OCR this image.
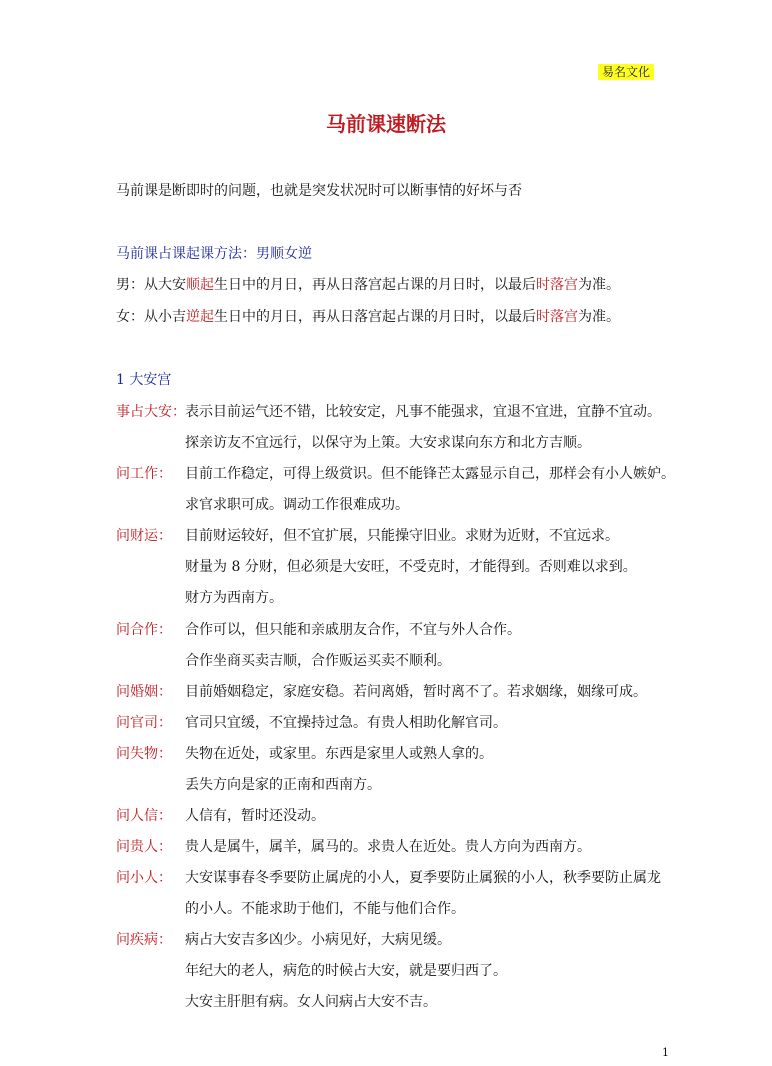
易名文化
马前课速断法
马前课是断即时的问题，也就是突发状况时可以断事情的好坏与否
马前课占课起课方法：男顺女逆
男：从大安顺起生日中的月日，再从日落宫起占课的月日时，以最后时落宫为准。
女：从小吉逆起生日中的月日，再从日落宫起占课的月日时，以最后时落宫为准。
1 大安宫
事占大安： 表示目前运气还不错，比较安定，凡事不能强求，宜退不宜进，宜静不宜动。
探亲访友不宜远行，以保守为上策。大安求谋向东方和北方吉顺。
问工作： 目前工作稳定，可得上级赏识。但不能锋芒太露显示自己，那样会有小人嫉妒。
求官求职可成。调动工作很难成功。
问财运： 目前财运较好，但不宜扩展，只能操守旧业。求财为近财，不宜远求。
财量为 8 分财，但必须是大安旺，不受克时，才能得到。否则难以求到。
财方为西南方。
问合作： 合作可以，但只能和亲戚朋友合作，不宜与外人合作。
合作坐商买卖吉顺，合作贩运买卖不顺利。
问婚姻： 目前婚姻稳定，家庭安稳。若问离婚，暂时离不了。若求姻缘，姻缘可成。
问官司： 官司只宜缓，不宜操持过急。有贵人相助化解官司。
问失物： 失物在近处，或家里。东西是家里人或熟人拿的。
丢失方向是家的正南和西南方。
问人信： 人信有，暂时还没动。
问贵人： 贵人是属牛，属羊，属马的。求贵人在近处。贵人方向为西南方。
问小人： 大安谋事春冬季要防止属虎的小人，夏季要防止属猴的小人，秋季要防止属龙
的小人。不能求助于他们，不能与他们合作。
问疾病： 病占大安吉多凶少。小病见好，大病见缓。
年纪大的老人，病危的时候占大安，就是要归西了。
大安主肝胆有病。女人问病占大安不吉。
1
